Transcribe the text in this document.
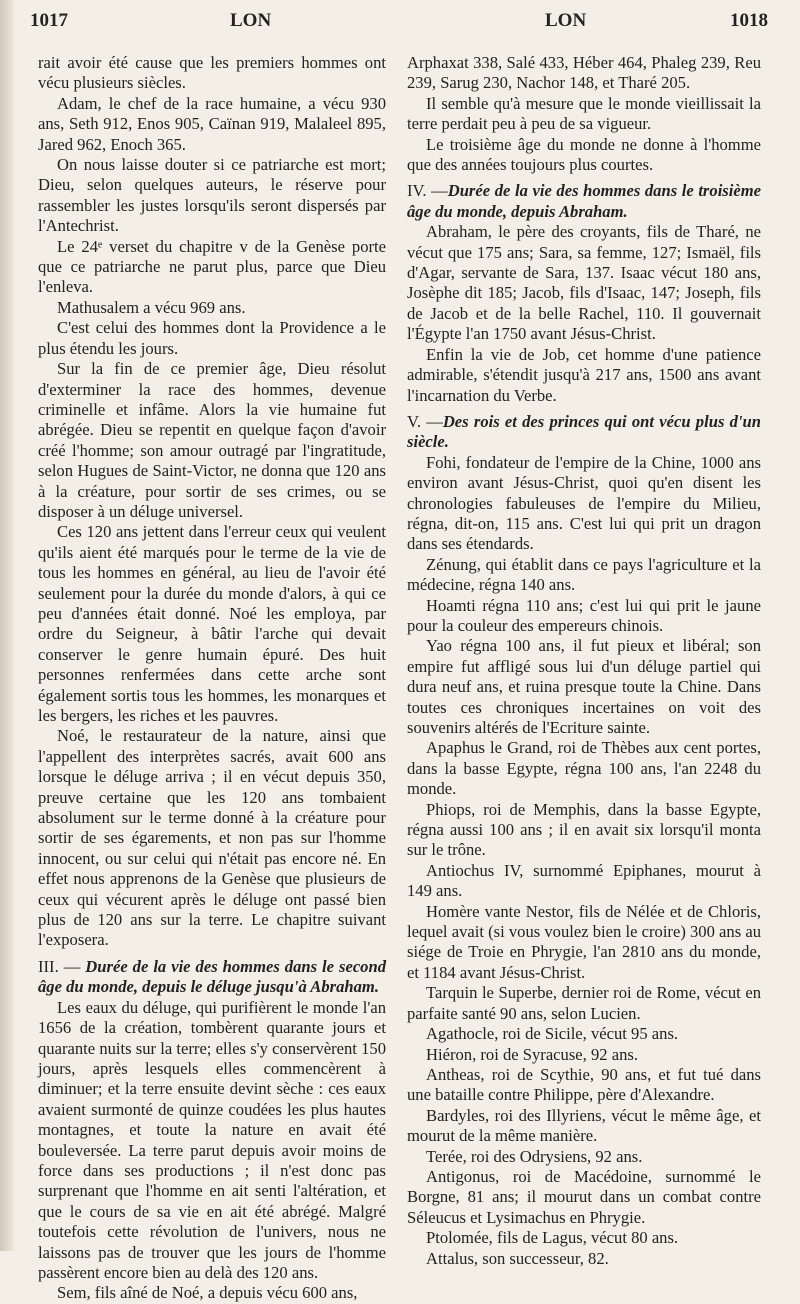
1017	LON	LON	1018

rait avoir été cause que les premiers hommes ont vécu plusieurs siècles.

Adam, le chef de la race humaine, a vécu 930 ans, Seth 912, Enos 905, Caïnan 919, Malaleel 895, Jared 962, Enoch 365.

On nous laisse douter si ce patriarche est mort; Dieu, selon quelques auteurs, le réserve pour rassembler les justes lorsqu'ils seront dispersés par l'Antechrist.

Le 24ᵉ verset du chapitre v de la Genèse porte que ce patriarche ne parut plus, parce que Dieu l'enleva.

Mathusalem a vécu 969 ans.

C'est celui des hommes dont la Providence a le plus étendu les jours.

Sur la fin de ce premier âge, Dieu résolut d'exterminer la race des hommes, devenue criminelle et infâme. Alors la vie humaine fut abrégée. Dieu se repentit en quelque façon d'avoir créé l'homme; son amour outragé par l'ingratitude, selon Hugues de Saint-Victor, ne donna que 120 ans à la créature, pour sortir de ses crimes, ou se disposer à un déluge universel.

Ces 120 ans jettent dans l'erreur ceux qui veulent qu'ils aient été marqués pour le terme de la vie de tous les hommes en général, au lieu de l'avoir été seulement pour la durée du monde d'alors, à qui ce peu d'années était donné. Noé les employa, par ordre du Seigneur, à bâtir l'arche qui devait conserver le genre humain épuré. Des huit personnes renfermées dans cette arche sont également sortis tous les hommes, les monarques et les bergers, les riches et les pauvres.

Noé, le restaurateur de la nature, ainsi que l'appellent des interprètes sacrés, avait 600 ans lorsque le déluge arriva ; il en vécut depuis 350, preuve certaine que les 120 ans tombaient absolument sur le terme donné à la créature pour sortir de ses égarements, et non pas sur l'homme innocent, ou sur celui qui n'était pas encore né. En effet nous apprenons de la Genèse que plusieurs de ceux qui vécurent après le déluge ont passé bien plus de 120 ans sur la terre. Le chapitre suivant l'exposera.

III. — Durée de la vie des hommes dans le second âge du monde, depuis le déluge jusqu'à Abraham.

Les eaux du déluge, qui purifièrent le monde l'an 1656 de la création, tombèrent quarante jours et quarante nuits sur la terre; elles s'y conservèrent 150 jours, après lesquels elles commencèrent à diminuer; et la terre ensuite devint sèche : ces eaux avaient surmonté de quinze coudées les plus hautes montagnes, et toute la nature en avait été bouleversée. La terre parut depuis avoir moins de force dans ses productions ; il n'est donc pas surprenant que l'homme en ait senti l'altération, et que le cours de sa vie en ait été abrégé. Malgré toutefois cette révolution de l'univers, nous ne laissons pas de trouver que les jours de l'homme passèrent encore bien au delà des 120 ans.

Sem, fils aîné de Noé, a depuis vécu 600 ans,

Arphaxat 338, Salé 433, Héber 464, Phaleg 239, Reu 239, Sarug 230, Nachor 148, et Tharé 205.

Il semble qu'à mesure que le monde vieillissait la terre perdait peu à peu de sa vigueur.

Le troisième âge du monde ne donne à l'homme que des années toujours plus courtes.

IV. —Durée de la vie des hommes dans le troisième âge du monde, depuis Abraham.

Abraham, le père des croyants, fils de Tharé, ne vécut que 175 ans; Sara, sa femme, 127; Ismaël, fils d'Agar, servante de Sara, 137. Isaac vécut 180 ans, Josèphe dit 185; Jacob, fils d'Isaac, 147; Joseph, fils de Jacob et de la belle Rachel, 110. Il gouvernait l'Égypte l'an 1750 avant Jésus-Christ.

Enfin la vie de Job, cet homme d'une patience admirable, s'étendit jusqu'à 217 ans, 1500 ans avant l'incarnation du Verbe.

V. —Des rois et des princes qui ont vécu plus d'un siècle.

Fohi, fondateur de l'empire de la Chine, 1000 ans environ avant Jésus-Christ, quoi qu'en disent les chronologies fabuleuses de l'empire du Milieu, régna, dit-on, 115 ans. C'est lui qui prit un dragon dans ses étendards.

Zénung, qui établit dans ce pays l'agriculture et la médecine, régna 140 ans.

Hoamti régna 110 ans; c'est lui qui prit le jaune pour la couleur des empereurs chinois.

Yao régna 100 ans, il fut pieux et libéral; son empire fut affligé sous lui d'un déluge partiel qui dura neuf ans, et ruina presque toute la Chine. Dans toutes ces chroniques incertaines on voit des souvenirs altérés de l'Ecriture sainte.

Apaphus le Grand, roi de Thèbes aux cent portes, dans la basse Egypte, régna 100 ans, l'an 2248 du monde.

Phiops, roi de Memphis, dans la basse Egypte, régna aussi 100 ans ; il en avait six lorsqu'il monta sur le trône.

Antiochus IV, surnommé Epiphanes, mourut à 149 ans.

Homère vante Nestor, fils de Nélée et de Chloris, lequel avait (si vous voulez bien le croire) 300 ans au siége de Troie en Phrygie, l'an 2810 ans du monde, et 1184 avant Jésus-Christ.

Tarquin le Superbe, dernier roi de Rome, vécut en parfaite santé 90 ans, selon Lucien.

Agathocle, roi de Sicile, vécut 95 ans.

Hiéron, roi de Syracuse, 92 ans.

Antheas, roi de Scythie, 90 ans, et fut tué dans une bataille contre Philippe, père d'Alexandre.

Bardyles, roi des Illyriens, vécut le même âge, et mourut de la même manière.

Terée, roi des Odrysiens, 92 ans.

Antigonus, roi de Macédoine, surnommé le Borgne, 81 ans; il mourut dans un combat contre Séleucus et Lysimachus en Phrygie.

Ptolomée, fils de Lagus, vécut 80 ans.

Attalus, son successeur, 82.
